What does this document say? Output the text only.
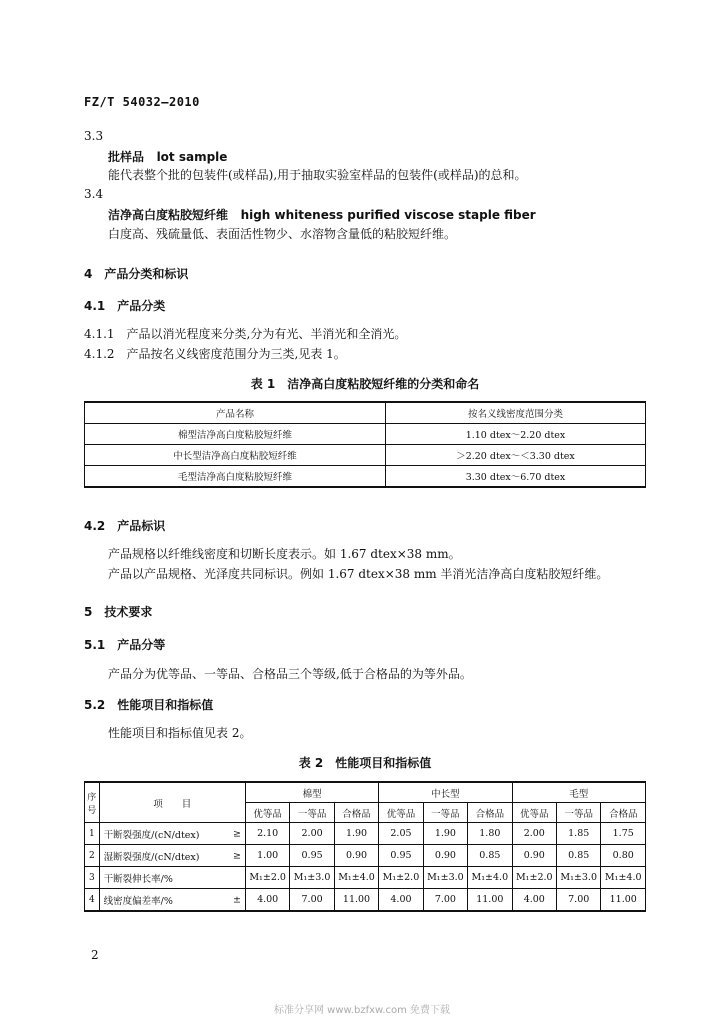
FZ/T 54032—2010
3.3
批样品 lot sample
能代表整个批的包装件(或样品),用于抽取实验室样品的包装件(或样品)的总和。
3.4
洁净高白度粘胶短纤维 high whiteness purified viscose staple fiber
白度高、残硫量低、表面活性物少、水溶物含量低的粘胶短纤维。
4　产品分类和标识
4.1　产品分类
4.1.1　产品以消光程度来分类,分为有光、半消光和全消光。
4.1.2　产品按名义线密度范围分为三类,见表 1。
表 1　洁净高白度粘胶短纤维的分类和命名
产品名称	按名义线密度范围分类
棉型洁净高白度粘胶短纤维	1.10 dtex～2.20 dtex
中长型洁净高白度粘胶短纤维	＞2.20 dtex～＜3.30 dtex
毛型洁净高白度粘胶短纤维	3.30 dtex～6.70 dtex
4.2　产品标识
产品规格以纤维线密度和切断长度表示。如 1.67 dtex×38 mm。
产品以产品规格、光泽度共同标识。例如 1.67 dtex×38 mm 半消光洁净高白度粘胶短纤维。
5　技术要求
5.1　产品分等
产品分为优等品、一等品、合格品三个等级,低于合格品的为等外品。
5.2　性能项目和指标值
性能项目和指标值见表 2。
表 2　性能项目和指标值
序号	项　　目	棉型			中长型			毛型		
		优等品	一等品	合格品	优等品	一等品	合格品	优等品	一等品	合格品
1	干断裂强度/(cN/dtex) ≥	2.10	2.00	1.90	2.05	1.90	1.80	2.00	1.85	1.75
2	湿断裂强度/(cN/dtex) ≥	1.00	0.95	0.90	0.95	0.90	0.85	0.90	0.85	0.80
3	干断裂伸长率/%	M₁±2.0	M₁±3.0	M₁±4.0	M₁±2.0	M₁±3.0	M₁±4.0	M₁±2.0	M₁±3.0	M₁±4.0
4	线密度偏差率/% ±	4.00	7.00	11.00	4.00	7.00	11.00	4.00	7.00	11.00
2
标准分享网 www.bzfxw.com 免费下载
